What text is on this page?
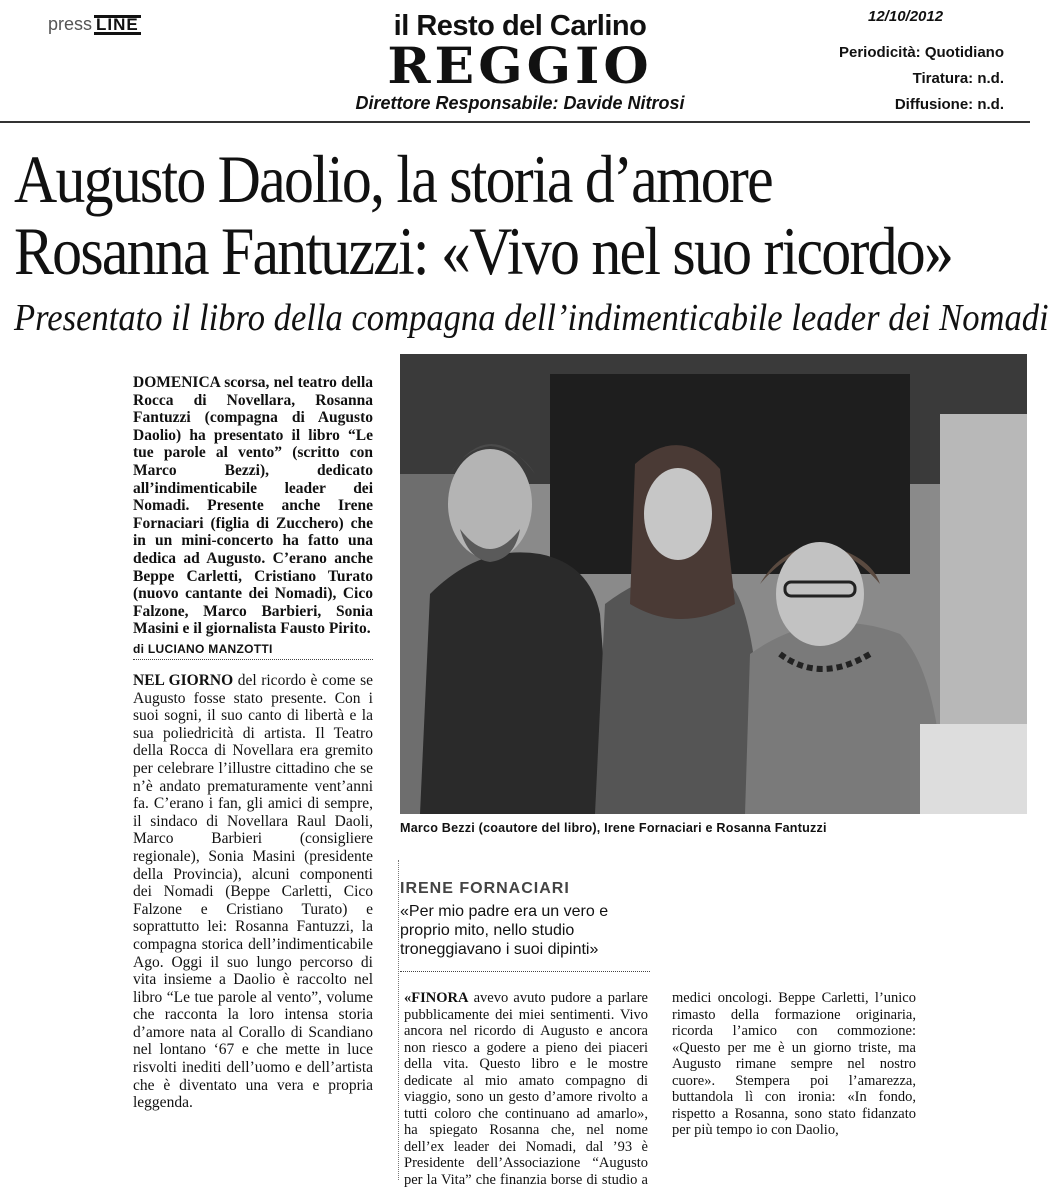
press LINE	il Resto del Carlino
REGGIO
Direttore Responsabile: Davide Nitrosi
12/10/2012
Periodicità: Quotidiano
Tiratura: n.d.
Diffusione: n.d.
Augusto Daolio, la storia d’amore
Rosanna Fantuzzi: «Vivo nel suo ricordo»
Presentato il libro della compagna dell’indimenticabile leader dei Nomadi
DOMENICA scorsa, nel teatro della Rocca di Novellara, Rosanna Fantuzzi (compagna di Augusto Daolio) ha presentato il libro “Le tue parole al vento” (scritto con Marco Bezzi), dedicato all’indimenticabile leader dei Nomadi. Presente anche Irene Fornaciari (figlia di Zucchero) che in un mini-concerto ha fatto una dedica ad Augusto. C’erano anche Beppe Carletti, Cristiano Turato (nuovo cantante dei Nomadi), Cico Falzone, Marco Barbieri, Sonia Masini e il giornalista Fausto Pirito.
di LUCIANO MANZOTTI
NEL GIORNO del ricordo è come se Augusto fosse stato presente. Con i suoi sogni, il suo canto di libertà e la sua poliedricità di artista. Il Teatro della Rocca di Novellara era gremito per celebrare l’illustre cittadino che se n’è andato prematuramente vent’anni fa. C’erano i fan, gli amici di sempre, il sindaco di Novellara Raul Daoli, Marco Barbieri (consigliere regionale), Sonia Masini (presidente della Provincia), alcuni componenti dei Nomadi (Beppe Carletti, Cico Falzone e Cristiano Turato) e soprattutto lei: Rosanna Fantuzzi, la compagna storica dell’indimenticabile Ago. Oggi il suo lungo percorso di vita insieme a Daolio è raccolto nel libro “Le tue parole al vento”, volume che racconta la loro intensa storia d’amore nata al Corallo di Scandiano nel lontano ‘67 e che mette in luce risvolti inediti dell’uomo e dell’artista che è diventato una vera e propria leggenda.
Marco Bezzi (coautore del libro), Irene Fornaciari e Rosanna Fantuzzi
IRENE FORNACIARI
«Per mio padre era un vero e proprio mito, nello studio troneggiavano i suoi dipinti»
«FINORA avevo avuto pudore a parlare pubblicamente dei miei sentimenti. Vivo ancora nel ricordo di Augusto e ancora non riesco a godere a pieno dei piaceri della vita. Questo libro e le mostre dedicate al mio amato compagno di viaggio, sono un gesto d’amore rivolto a tutti coloro che continuano ad amarlo», ha spiegato Rosanna che, nel nome dell’ex leader dei Nomadi, dal ’93 è Presidente dell’Associazione “Augusto per la Vita” che finanzia borse di studio a medici oncologi. Beppe Carletti, l’unico rimasto della formazione originaria, ricorda l’amico con commozione: «Questo per me è un giorno triste, ma Augusto rimane sempre nel nostro cuore». Stempera poi l’amarezza, buttandola lì con ironia: «In fondo, rispetto a Rosanna, sono stato fidanzato per più tempo io con Daolio,
